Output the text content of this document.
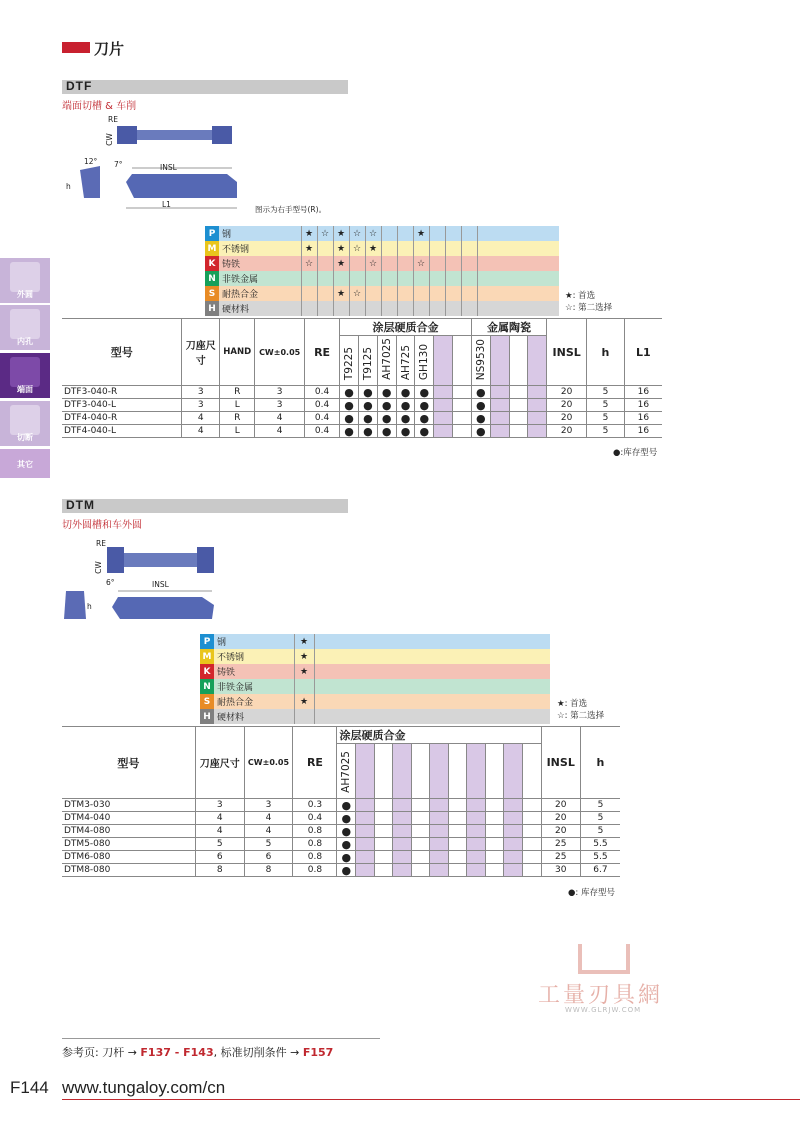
刀片
外圆
内孔
端面
切断
其它
DTF
端面切槽 & 车削
RE
CW
12° 7°	INSL
h
L1
图示为右手型号(R)。
P	钢	★	☆	★	☆	☆			★				
M	不锈钢	★		★	☆	★							
K	铸铁	☆		★		☆			☆				
N	非铁金属												
S	耐热合金			★	☆								
H	硬材料												
★: 首选
☆: 第二选择
型号	刀座尺寸	HAND	CW±0.05	RE	涂层硬质合金							金属陶瓷				INSL	h	L1
					T9225	T9125	AH7025	AH725	GH130			NS9530						
DTF3-040-R	3	R	3	0.4	●	●	●	●	●			●				20	5	16
DTF3-040-L	3	L	3	0.4	●	●	●	●	●			●				20	5	16
DTF4-040-R	4	R	4	0.4	●	●	●	●	●			●				20	5	16
DTF4-040-L	4	L	4	0.4	●	●	●	●	●			●				20	5	16
●:库存型号
DTM
切外圆槽和车外圆
RE
CW
6°	INSL
h
P	钢	★	
M	不锈钢	★	
K	铸铁	★	
N	非铁金属		
S	耐热合金	★	
H	硬材料		
★: 首选
☆: 第二选择
型号	刀座尺寸	CW±0.05	RE	涂层硬质合金											INSL	h
				AH7025												
DTM3-030	3	3	0.3	●											20	5
DTM4-040	4	4	0.4	●											20	5
DTM4-080	4	4	0.8	●											20	5
DTM5-080	5	5	0.8	●											25	5.5
DTM6-080	6	6	0.8	●											25	5.5
DTM8-080	8	8	0.8	●											30	6.7
●: 库存型号
工量刃具網
WWW.GLRJW.COM
参考页: 刀杆 → F137 - F143, 标准切削条件 → F157
F144 www.tungaloy.com/cn
